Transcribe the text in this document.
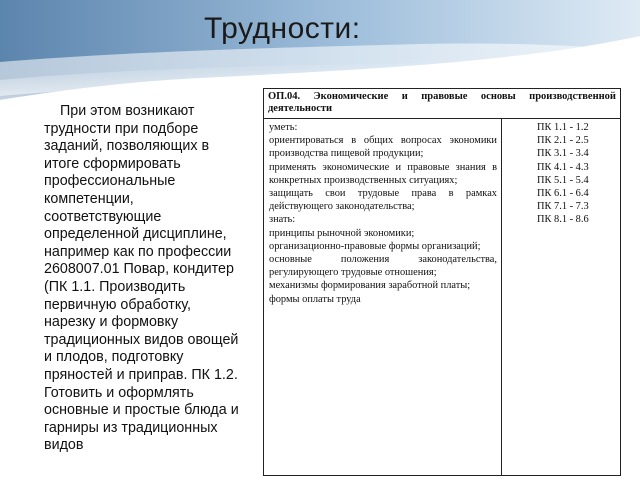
Трудности:
При этом возникают трудности при подборе заданий, позволяющих в итоге сформировать профессиональные компетенции, соответствующие определенной дисциплине, например как по профессии 2608007.01 Повар, кондитер (ПК 1.1. Производить первичную обработку, нарезку и формовку традиционных видов овощей и плодов, подготовку пряностей и приправ. ПК 1.2. Готовить и оформлять основные и простые блюда и гарниры из традиционных видов
ОП.04. Экономические и правовые основы производственной деятельности
уметь:
ориентироваться в общих вопросах экономики производства пищевой продукции;
применять экономические и правовые знания в конкретных производственных ситуациях;
защищать свои трудовые права в рамках действующего законодательства;
знать:
принципы рыночной экономики;
организационно-правовые формы организаций;
основные положения законодательства, регулирующего трудовые отношения;
механизмы формирования заработной платы;
формы оплаты труда
ПК 1.1 - 1.2
ПК 2.1 - 2.5
ПК 3.1 - 3.4
ПК 4.1 - 4.3
ПК 5.1 - 5.4
ПК 6.1 - 6.4
ПК 7.1 - 7.3
ПК 8.1 - 8.6
